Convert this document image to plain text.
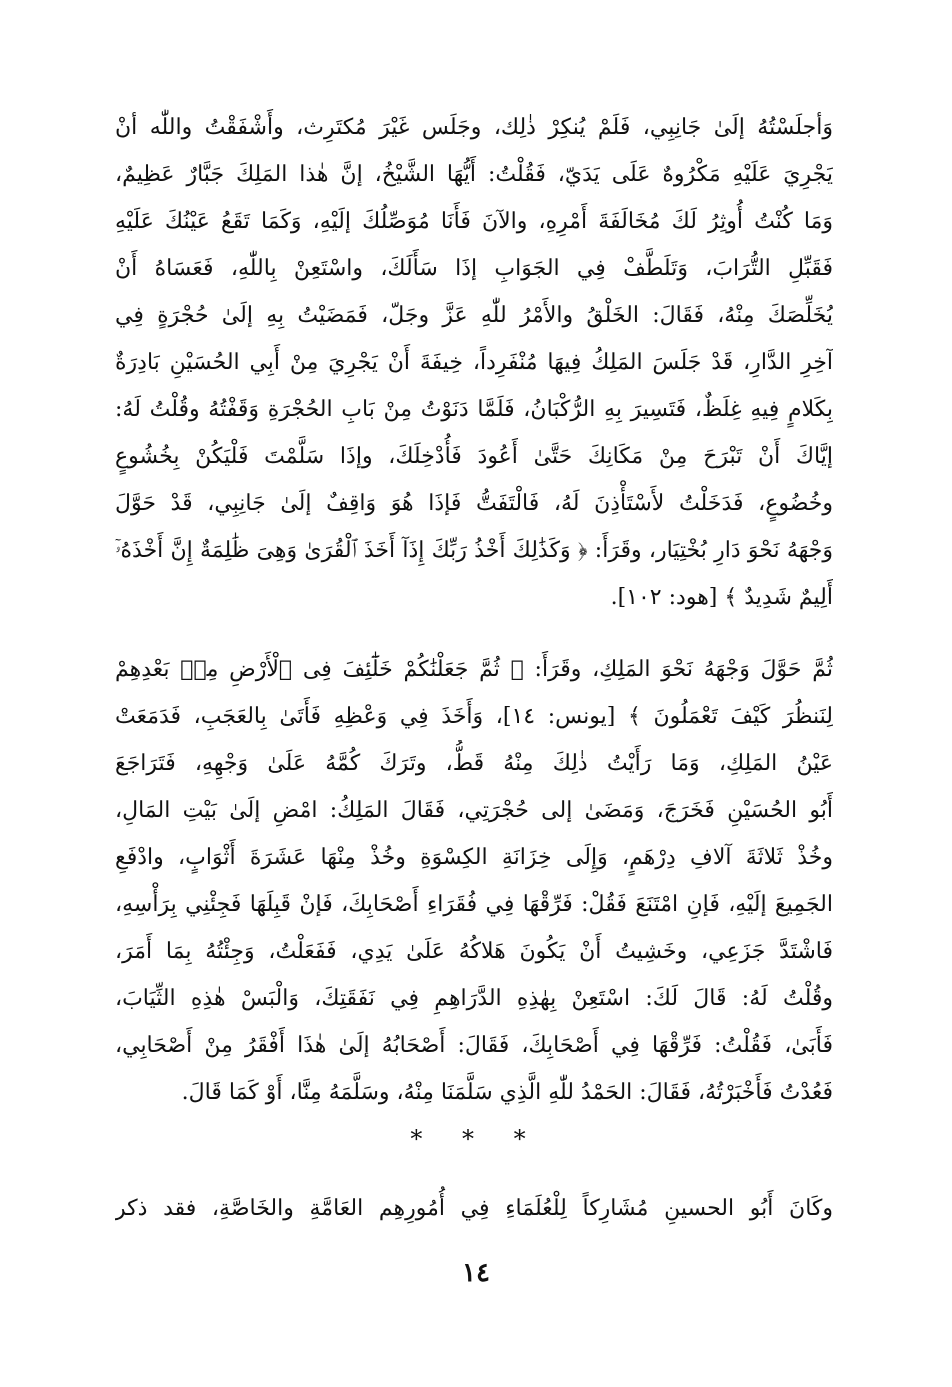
وَأجلَسْتُهُ إلَىٰ جَانِبِي، فَلَمْ يُنكِرْ ذٰلِك، وجَلَس غَيْرَ مُكتَرِث، وأَشْفَقْتُ واللّٰه أنْ
يَجْرِيَ عَلَيْهِ مَكْرُوهٌ عَلَى يَدَيّ، فَقُلْتُ: أَيُّهَا الشَّيْخُ، إنَّ هٰذا المَلِكَ جَبَّارٌ عَظِيمٌ،
وَمَا كُنْتُ أُوثِرُ لَكَ مُخَالَفَةَ أَمْرِهِ، والآنَ فَأَنَا مُوَصِّلُكَ إلَيْهِ، وَكَمَا تَقَعُ عَيْنُكَ عَلَيْهِ
فَقَبِّلِ التُّرَابَ، وَتَلَطَّفْ فِي الجَوَابِ إذَا سَأَلَكَ، واسْتَعِنْ بِاللّٰهِ، فَعَسَاهُ أَنْ
يُخَلِّصَكَ مِنْهُ، فَقَالَ: الخَلْقُ والأَمْرُ للّٰهِ عَزَّ وجَلّ، فَمَضَيْتُ بِهِ إلَىٰ حُجْرَةٍ فِي
آخِرِ الدَّارِ، قَدْ جَلَسَ المَلِكُ فِيهَا مُنْفَرِداً، خِيفَةَ أَنْ يَجْرِيَ مِنْ أَبِي الحُسَيْنِ بَادِرَةٌ
بِكَلامٍ فِيهِ غِلَظٌ، فَتَسِيرَ بِهِ الرُّكْبَانُ، فَلَمَّا دَنَوْتُ مِنْ بَابِ الحُجْرَةِ وَقَفْتُهُ وقُلْتُ لَهُ:
إيَّاكَ أَنْ تَبْرَحَ مِنْ مَكَانِكَ حَتَّىٰ أَعُودَ فَأُدْخِلَكَ، وإذَا سَلَّمْتَ فَلْيَكُنْ بِخُشُوعٍ
وخُضُوعٍ، فَدَخَلْتُ لأَسْتَأْذِنَ لَهُ، فَالْتَفَتُّ فَإذَا هُوَ وَاقِفٌ إلَىٰ جَانِبِي، قَدْ حَوَّلَ
وَجْهَهُ نَحْوَ دَارِ بُخْتِيَار، وقَرَأَ: ﴿ وَكَذَٰلِكَ أَخْذُ رَبِّكَ إِذَآ أَخَذَ ٱلْقُرَىٰ وَهِىَ ظَٰلِمَةٌ إِنَّ أَخْذَهُۥٓ
أَلِيمٌ شَدِيدٌ ﴾ [هود: ١٠٢].
ثُمَّ حَوَّلَ وَجْهَهُ نَحْوَ المَلِكِ، وقَرَأَ: ﴿ ثُمَّ جَعَلْنَٰكُمْ خَلَٰٓئِفَ فِى ٱلْأَرْضِ مِنۢ بَعْدِهِمْ
لِنَنظُرَ كَيْفَ تَعْمَلُونَ ﴾ [يونس: ١٤]، وَأَخَذَ فِي وَعْظِهِ فَأَتَىٰ بِالعَجَبِ، فَدَمَعَتْ
عَيْنُ المَلِكِ، وَمَا رَأَيْتُ ذٰلِكَ مِنْهُ قَطُّ، وتَرَكَ كُمَّهُ عَلَىٰ وَجْهِهِ، فَتَرَاجَعَ
أَبُو الحُسَيْنِ فَخَرَجَ، وَمَضَىٰ إلى حُجْرَتِي، فَقَالَ المَلِكُ: امْضِ إلَىٰ بَيْتِ المَالِ،
وخُذْ ثَلاثَةَ آلافِ دِرْهَمٍ، وَإِلَى خِزَانَةِ الكِسْوَةِ وخُذْ مِنْهَا عَشَرَةَ أَثْوَابٍ، وادْفَعِ
الجَمِيعَ إلَيْهِ، فَإنِ امْتَنَعَ فَقُلْ: فَرِّقْهَا فِي فُقَرَاءِ أَصْحَابِكَ، فَإنْ قَبِلَهَا فَجِئْنِي بِرَأْسِهِ،
فَاشْتَدَّ جَزَعِي، وخَشِيتُ أَنْ يَكُونَ هَلاكُهُ عَلَىٰ يَدِي، فَفَعَلْتُ، وَجِئْتُهُ بِمَا أَمَرَ،
وقُلْتُ لَهُ: قَالَ لَكَ: اسْتَعِنْ بِهٰذِهِ الدَّرَاهِمِ فِي نَفَقَتِكَ، وَالْبَسْ هٰذِهِ الثِّيَابَ،
فَأَبَىٰ، فَقُلْتُ: فَرِّقْهَا فِي أَصْحَابِكَ، فَقَالَ: أَصْحَابُهُ إلَىٰ هٰذَا أَفْقَرُ مِنْ أَصْحَابِي،
فَعُدْتُ فَأَخْبَرْتُهُ، فَقَالَ: الحَمْدُ للّٰهِ الَّذِي سَلَّمَنَا مِنْهُ، وسَلَّمَهُ مِنَّا، أَوْ كَمَا قَالَ.
* * *
وكَانَ أَبُو الحسينِ مُشَارِكاً لِلْعُلَمَاءِ فِي أُمُورِهِم العَامَّةِ والخَاصَّةِ، فقد ذكر
١٤
